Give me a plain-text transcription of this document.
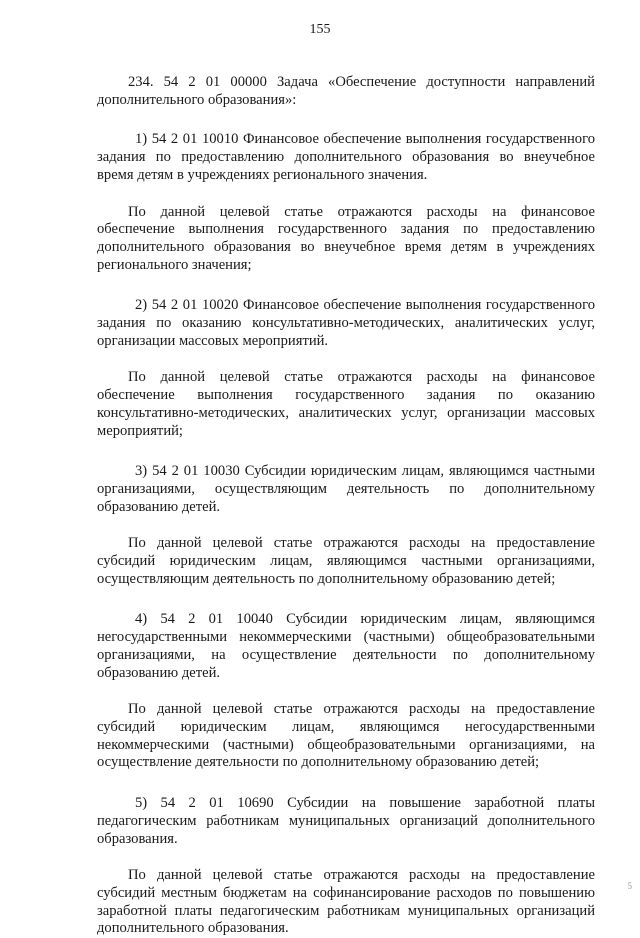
155

234. 54 2 01 00000 Задача «Обеспечение доступности направлений дополнительного образования»:

1) 54 2 01 10010 Финансовое обеспечение выполнения государственного задания по предоставлению дополнительного образования во внеучебное время детям в учреждениях регионального значения.

По данной целевой статье отражаются расходы на финансовое обеспечение выполнения государственного задания по предоставлению дополнительного образования во внеучебное время детям в учреждениях регионального значения;

2) 54 2 01 10020 Финансовое обеспечение выполнения государственного задания по оказанию консультативно-методических, аналитических услуг, организации массовых мероприятий.

По данной целевой статье отражаются расходы на финансовое обеспечение выполнения государственного задания по оказанию консультативно-методических, аналитических услуг, организации массовых мероприятий;

3) 54 2 01 10030 Субсидии юридическим лицам, являющимся частными организациями, осуществляющим деятельность по дополнительному образованию детей.

По данной целевой статье отражаются расходы на предоставление субсидий юридическим лицам, являющимся частными организациями, осуществляющим деятельность по дополнительному образованию детей;

4) 54 2 01 10040 Субсидии юридическим лицам, являющимся негосударственными некоммерческими (частными) общеобразовательными организациями, на осуществление деятельности по дополнительному образованию детей.

По данной целевой статье отражаются расходы на предоставление субсидий юридическим лицам, являющимся негосударственными некоммерческими (частными) общеобразовательными организациями, на осуществление деятельности по дополнительному образованию детей;

5) 54 2 01 10690 Субсидии на повышение заработной платы педагогическим работникам муниципальных организаций дополнительного образования.

По данной целевой статье отражаются расходы на предоставление субсидий местным бюджетам на софинансирование расходов по повышению заработной платы педагогическим работникам муниципальных организаций дополнительного образования.

5
